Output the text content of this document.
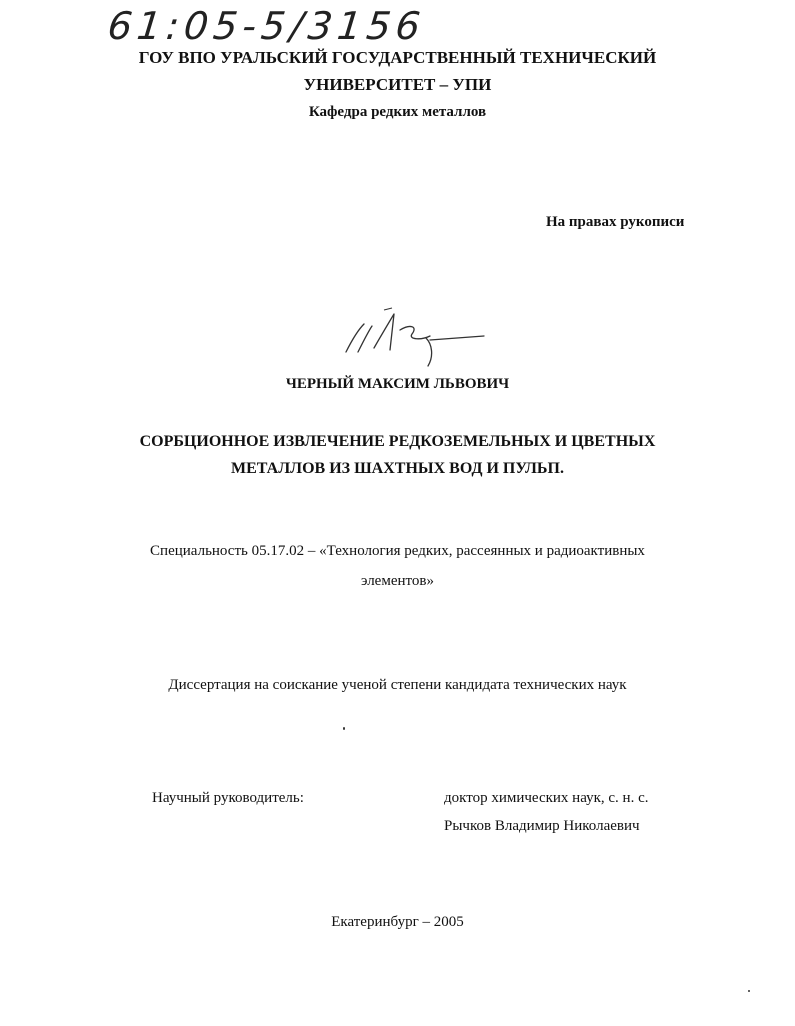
61:05-5/3156
ГОУ ВПО УРАЛЬСКИЙ ГОСУДАРСТВЕННЫЙ ТЕХНИЧЕСКИЙ
УНИВЕРСИТЕТ – УПИ
Кафедра редких металлов
На правах рукописи
ЧЕРНЫЙ МАКСИМ ЛЬВОВИЧ
СОРБЦИОННОЕ ИЗВЛЕЧЕНИЕ РЕДКОЗЕМЕЛЬНЫХ И ЦВЕТНЫХ
МЕТАЛЛОВ ИЗ ШАХТНЫХ ВОД И ПУЛЬП.
Специальность 05.17.02 – «Технология редких, рассеянных и радиоактивных
элементов»
Диссертация на соискание ученой степени кандидата технических наук
Научный руководитель:	доктор химических наук, с. н. с.
Рычков Владимир Николаевич
Екатеринбург – 2005
